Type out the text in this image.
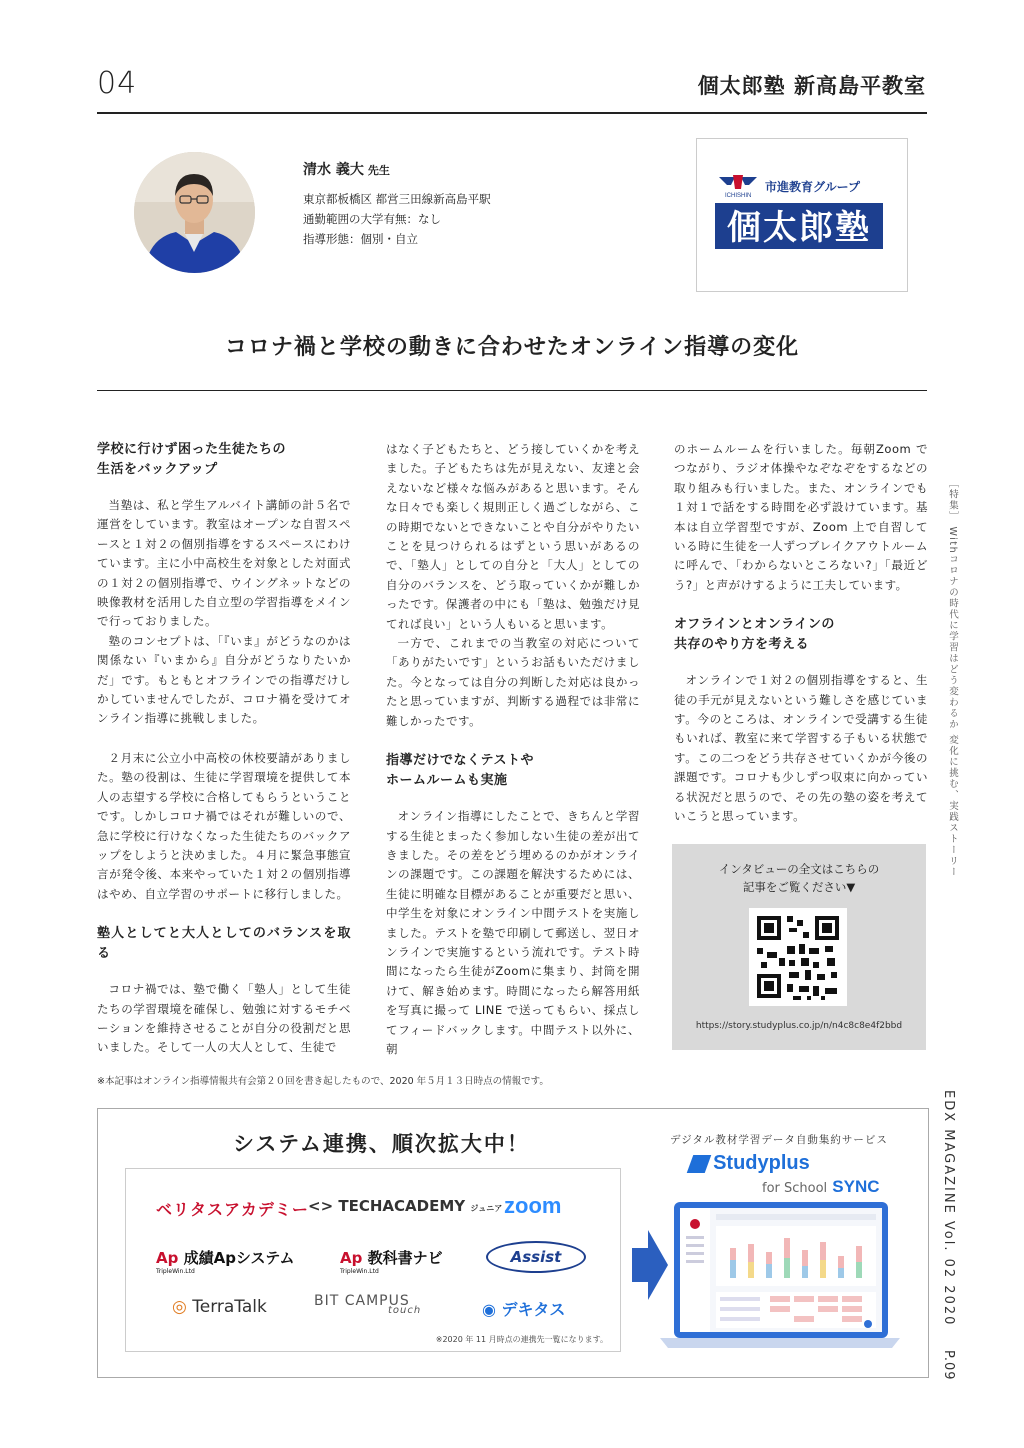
04	個太郎塾 新高島平教室
清水 義大 先生
東京都板橋区 都営三田線新高島平駅
通勤範囲の大学有無：なし
指導形態：個別・自立
ICHISHIN
市進教育グループ
個太郎塾
コロナ禍と学校の動きに合わせたオンライン指導の変化
学校に行けず困った生徒たちの
生活をバックアップ

当塾は、私と学生アルバイト講師の計５名で運営をしています。教室はオープンな自習スペースと１対２の個別指導をするスペースにわけています。主に小中高校生を対象とした対面式の１対２の個別指導で、ウイングネットなどの映像教材を活用した自立型の学習指導をメインで行っておりました。

塾のコンセプトは、「『いま』がどうなのかは関係ない『いまから』自分がどうなりたいかだ」です。もともとオフラインでの指導だけしかしていませんでしたが、コロナ禍を受けてオンライン指導に挑戦しました。

２月末に公立小中高校の休校要請がありました。塾の役割は、生徒に学習環境を提供して本人の志望する学校に合格してもらうということです。しかしコロナ禍ではそれが難しいので、急に学校に行けなくなった生徒たちのバックアップをしようと決めました。４月に緊急事態宣言が発令後、本来やっていた１対２の個別指導はやめ、自立学習のサポートに移行しました。

塾人としてと大人としてのバランスを取る

コロナ禍では、塾で働く「塾人」として生徒たちの学習環境を確保し、勉強に対するモチベーションを維持させることが自分の役割だと思いました。そして一人の大人として、生徒で

はなく子どもたちと、どう接していくかを考えました。子どもたちは先が見えない、友達と会えないなど様々な悩みがあると思います。そんな日々でも楽しく規則正しく過ごしながら、この時期でないとできないことや自分がやりたいことを見つけられるはずという思いがあるので、「塾人」としての自分と「大人」としての自分のバランスを、どう取っていくかが難しかったです。保護者の中にも「塾は、勉強だけ見てれば良い」という人もいると思います。

一方で、これまでの当教室の対応について「ありがたいです」というお話もいただけました。今となっては自分の判断した対応は良かったと思っていますが、判断する過程では非常に難しかったです。

指導だけでなくテストや
ホームルームも実施

オンライン指導にしたことで、きちんと学習する生徒とまったく参加しない生徒の差が出てきました。その差をどう埋めるのかがオンラインの課題です。この課題を解決するためには、生徒に明確な目標があることが重要だと思い、中学生を対象にオンライン中間テストを実施しました。テストを塾で印刷して郵送し、翌日オンラインで実施するという流れです。テスト時間になったら生徒がZoomに集まり、封筒を開けて、解き始めます。時間になったら解答用紙を写真に撮って LINE で送ってもらい、採点してフィードバックします。中間テスト以外に、朝

のホームルームを行いました。毎朝Zoom でつながり、ラジオ体操やなぞなぞをするなどの取り組みも行いました。また、オンラインでも１対１で話をする時間を必ず設けています。基本は自立学習型ですが、Zoom 上で自習している時に生徒を一人ずつブレイクアウトルームに呼んで、「わからないところない?」「最近どう?」と声がけするように工夫しています。

オフラインとオンラインの
共存のやり方を考える

オンラインで１対２の個別指導をすると、生徒の手元が見えないという難しさを感じています。今のところは、オンラインで受講する生徒もいれば、教室に来て学習する子もいる状態です。この二つをどう共存させていくかが今後の課題です。コロナも少しずつ収束に向かっている状況だと思うので、その先の塾の姿を考えていこうと思っています。

インタビューの全文はこちらの
記事をご覧ください▼
https://story.studyplus.co.jp/n/n4c8c8e4f2bbd
［特集］ Withコロナの時代に学習はどう変わるか 変化に挑む、実践ストーリー
EDX MAGAZINE Vol. 02 2020
P.09
※本記事はオンライン指導情報共有会第２０回を書き起したもので、2020 年５月１３日時点の情報です。
システム連携、順次拡大中！
ベリタスアカデミー <> TECHACADEMY ジュニア zoom
Ap 成績Apシステム
TripleWin.Ltd
Ap 教科書ナビ
TripleWin.Ltd
Assist
◎ TerraTalk	BIT CAMPUS
touch	◉ デキタス
※2020 年 11 月時点の連携先一覧になります。
デジタル教材学習データ自動集約サービス
Studyplus
for School SYNC
